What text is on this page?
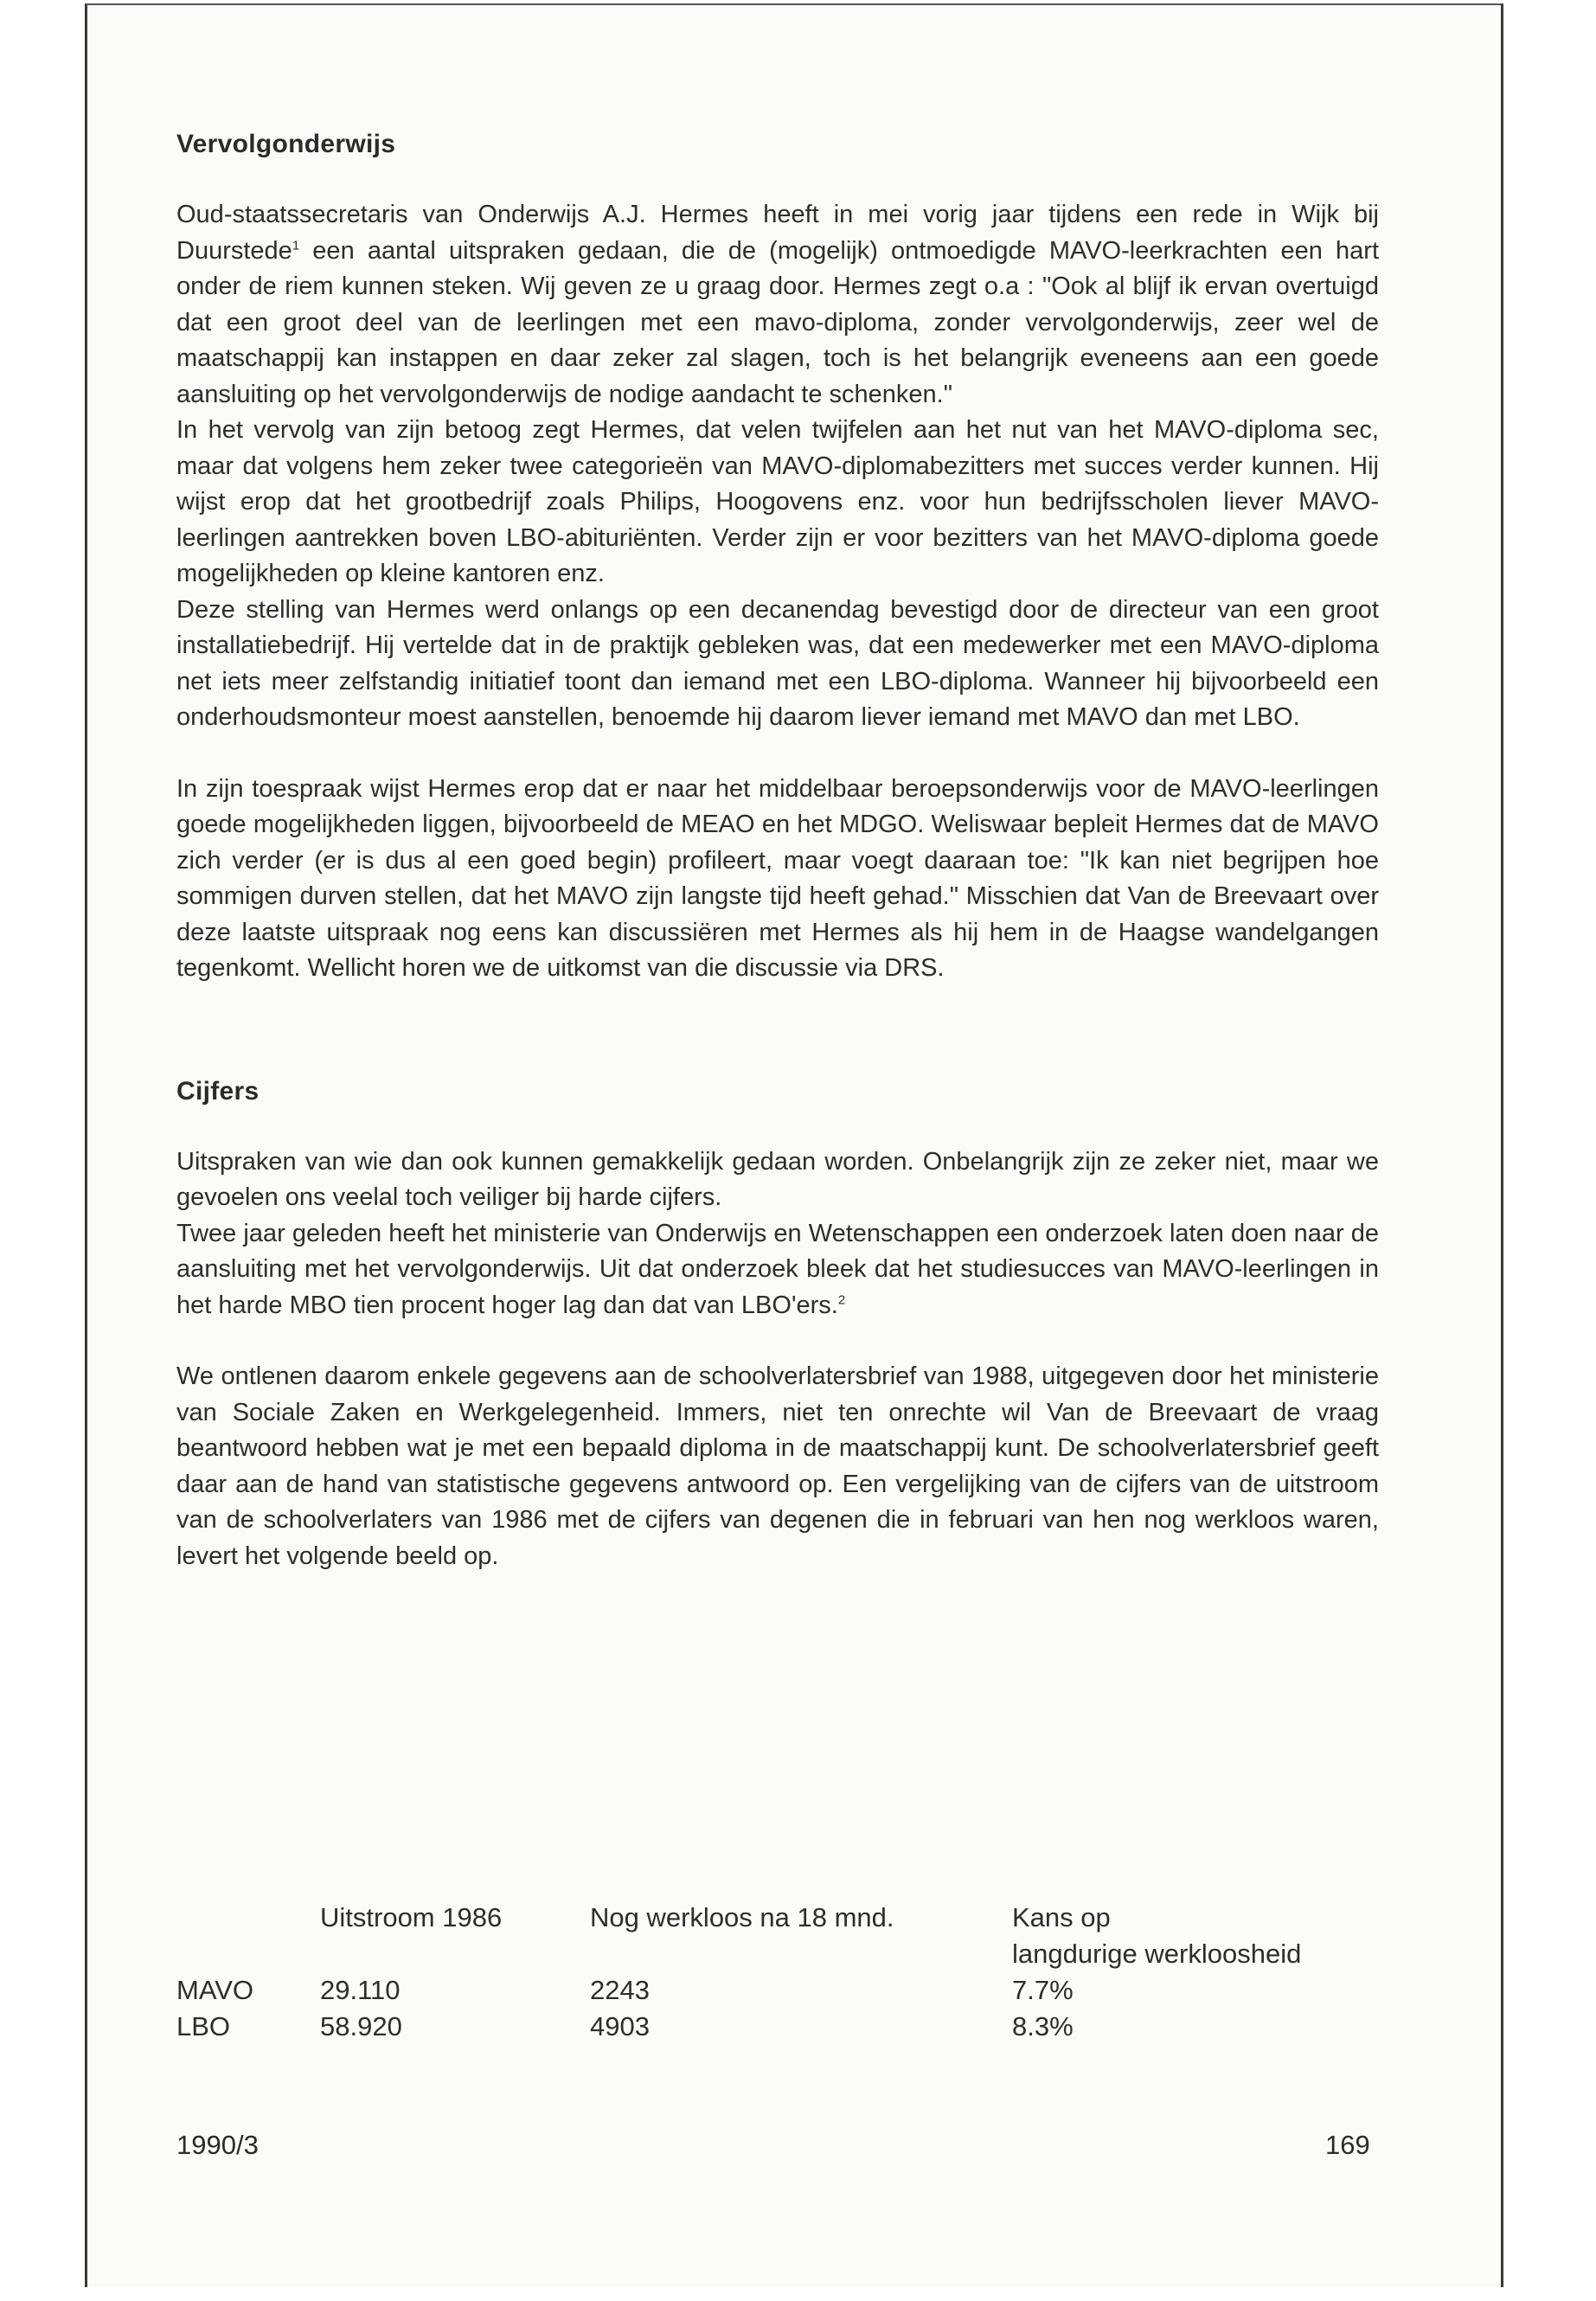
Vervolgonderwijs

Oud-staatssecretaris van Onderwijs A.J. Hermes heeft in mei vorig jaar tijdens een rede in Wijk bij Duurstede$^1$ een aantal uitspraken gedaan, die de (mogelijk) ontmoedigde MAVO-leerkrachten een hart onder de riem kunnen steken. Wij geven ze u graag door. Hermes zegt o.a : "Ook al blijf ik ervan overtuigd dat een groot deel van de leerlingen met een mavo-diploma, zonder vervolgonderwijs, zeer wel de maatschappij kan instappen en daar zeker zal slagen, toch is het belangrijk eveneens aan een goede aansluiting op het vervolgonderwijs de nodige aandacht te schenken."

In het vervolg van zijn betoog zegt Hermes, dat velen twijfelen aan het nut van het MAVO-diploma sec, maar dat volgens hem zeker twee categorieën van MAVO-diplomabezitters met succes verder kunnen. Hij wijst erop dat het grootbedrijf zoals Philips, Hoogovens enz. voor hun bedrijfsscholen liever MAVO-leerlingen aantrekken boven LBO-abituriënten. Verder zijn er voor bezitters van het MAVO-diploma goede mogelijkheden op kleine kantoren enz.

Deze stelling van Hermes werd onlangs op een decanendag bevestigd door de directeur van een groot installatiebedrijf. Hij vertelde dat in de praktijk gebleken was, dat een medewerker met een MAVO-diploma net iets meer zelfstandig initiatief toont dan iemand met een LBO-diploma. Wanneer hij bijvoorbeeld een onderhoudsmonteur moest aanstellen, benoemde hij daarom liever iemand met MAVO dan met LBO.

In zijn toespraak wijst Hermes erop dat er naar het middelbaar beroepsonderwijs voor de MAVO-leerlingen goede mogelijkheden liggen, bijvoorbeeld de MEAO en het MDGO. Weliswaar bepleit Hermes dat de MAVO zich verder (er is dus al een goed begin) profileert, maar voegt daaraan toe: "Ik kan niet begrijpen hoe sommigen durven stellen, dat het MAVO zijn langste tijd heeft gehad." Misschien dat Van de Breevaart over deze laatste uitspraak nog eens kan discussiëren met Hermes als hij hem in de Haagse wandelgangen tegenkomt. Wellicht horen we de uitkomst van die discussie via DRS.

Cijfers

Uitspraken van wie dan ook kunnen gemakkelijk gedaan worden. Onbelangrijk zijn ze zeker niet, maar we gevoelen ons veelal toch veiliger bij harde cijfers.

Twee jaar geleden heeft het ministerie van Onderwijs en Wetenschappen een onderzoek laten doen naar de aansluiting met het vervolgonderwijs. Uit dat onderzoek bleek dat het studiesucces van MAVO-leerlingen in het harde MBO tien procent hoger lag dan dat van LBO'ers.$^2$

We ontlenen daarom enkele gegevens aan de schoolverlatersbrief van 1988, uitgegeven door het ministerie van Sociale Zaken en Werkgelegenheid. Immers, niet ten onrechte wil Van de Breevaart de vraag beantwoord hebben wat je met een bepaald diploma in de maatschappij kunt. De schoolverlatersbrief geeft daar aan de hand van statistische gegevens antwoord op. Een vergelijking van de cijfers van de uitstroom van de schoolverlaters van 1986 met de cijfers van degenen die in februari van hen nog werkloos waren, levert het volgende beeld op.

	Uitstroom 1986	Nog werkloos na 18 mnd.	Kans op
langdurige werkloosheid
MAVO	29.110	2243	7.7%
LBO	58.920	4903	8.3%
1990/3	169
